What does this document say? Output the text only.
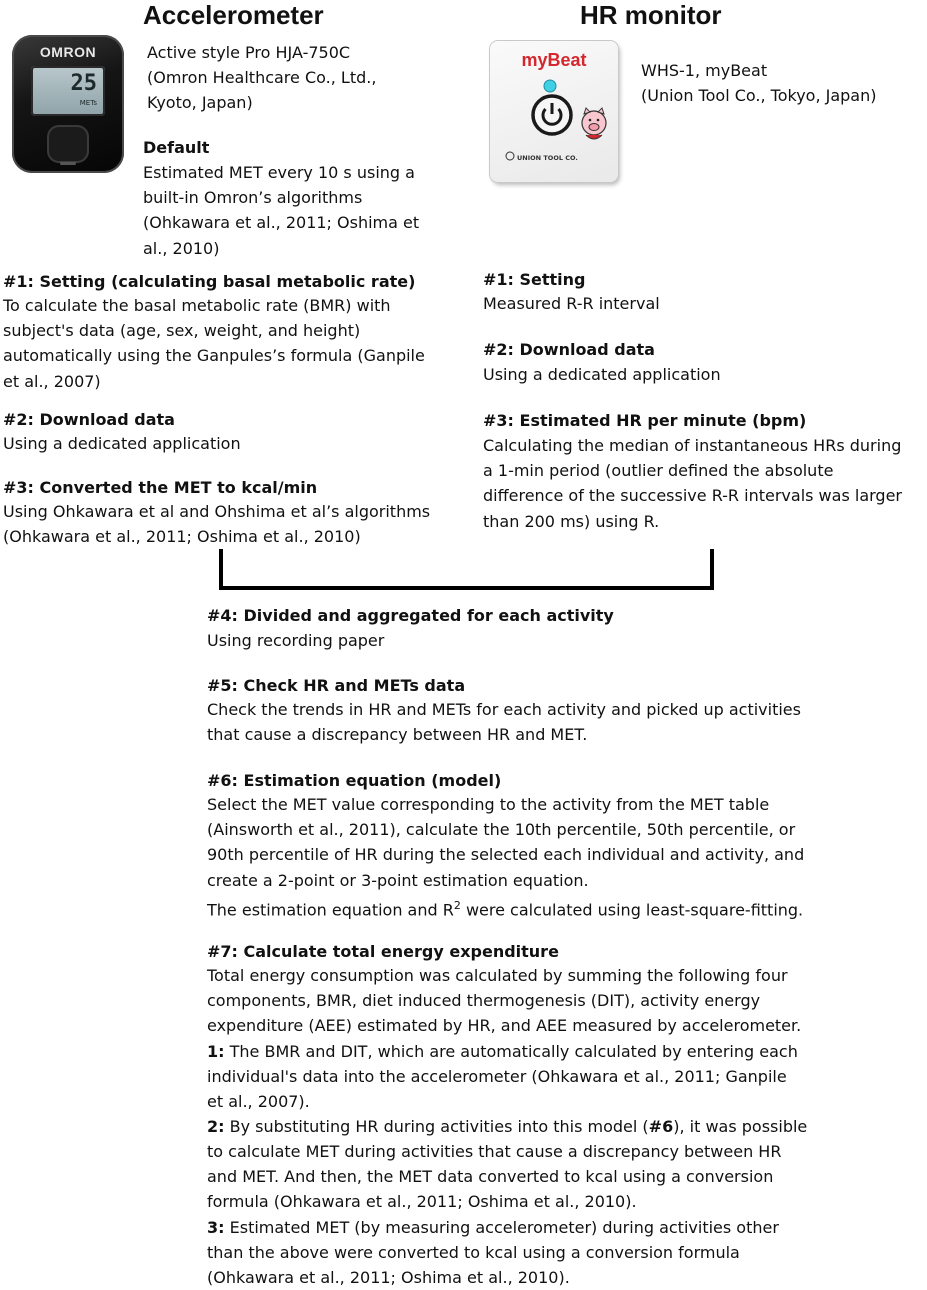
Accelerometer	HR monitor
OMRON
25
METs
Active style Pro HJA-750C
(Omron Healthcare Co., Ltd.,
Kyoto, Japan)
Default
Estimated MET every 10 s using a
built-in Omron’s algorithms
(Ohkawara et al., 2011; Oshima et
al., 2010)
myBeat
UNION TOOL CO.
WHS-1, myBeat
(Union Tool Co., Tokyo, Japan)
#1: Setting (calculating basal metabolic rate)
To calculate the basal metabolic rate (BMR) with
subject's data (age, sex, weight, and height)
automatically using the Ganpules’s formula (Ganpile
et al., 2007)
#2: Download data
Using a dedicated application
#3: Converted the MET to kcal/min
Using Ohkawara et al and Ohshima et al’s algorithms
(Ohkawara et al., 2011; Oshima et al., 2010)
#1: Setting
Measured R-R interval
#2: Download data
Using a dedicated application
#3: Estimated HR per minute (bpm)
Calculating the median of instantaneous HRs during
a 1-min period (outlier defined the absolute
difference of the successive R-R intervals was larger
than 200 ms) using R.
#4: Divided and aggregated for each activity
Using recording paper
#5: Check HR and METs data
Check the trends in HR and METs for each activity and picked up activities
that cause a discrepancy between HR and MET.
#6: Estimation equation (model)
Select the MET value corresponding to the activity from the MET table
(Ainsworth et al., 2011), calculate the 10th percentile, 50th percentile, or
90th percentile of HR during the selected each individual and activity, and
create a 2-point or 3-point estimation equation.
The estimation equation and $R^2$ were calculated using least-square-fitting.
#7: Calculate total energy expenditure
Total energy consumption was calculated by summing the following four
components, BMR, diet induced thermogenesis (DIT), activity energy
expenditure (AEE) estimated by HR, and AEE measured by accelerometer.
1: The BMR and DIT, which are automatically calculated by entering each
individual's data into the accelerometer (Ohkawara et al., 2011; Ganpile
et al., 2007).
2: By substituting HR during activities into this model (#6), it was possible
to calculate MET during activities that cause a discrepancy between HR
and MET. And then, the MET data converted to kcal using a conversion
formula (Ohkawara et al., 2011; Oshima et al., 2010).
3: Estimated MET (by measuring accelerometer) during activities other
than the above were converted to kcal using a conversion formula
(Ohkawara et al., 2011; Oshima et al., 2010).
